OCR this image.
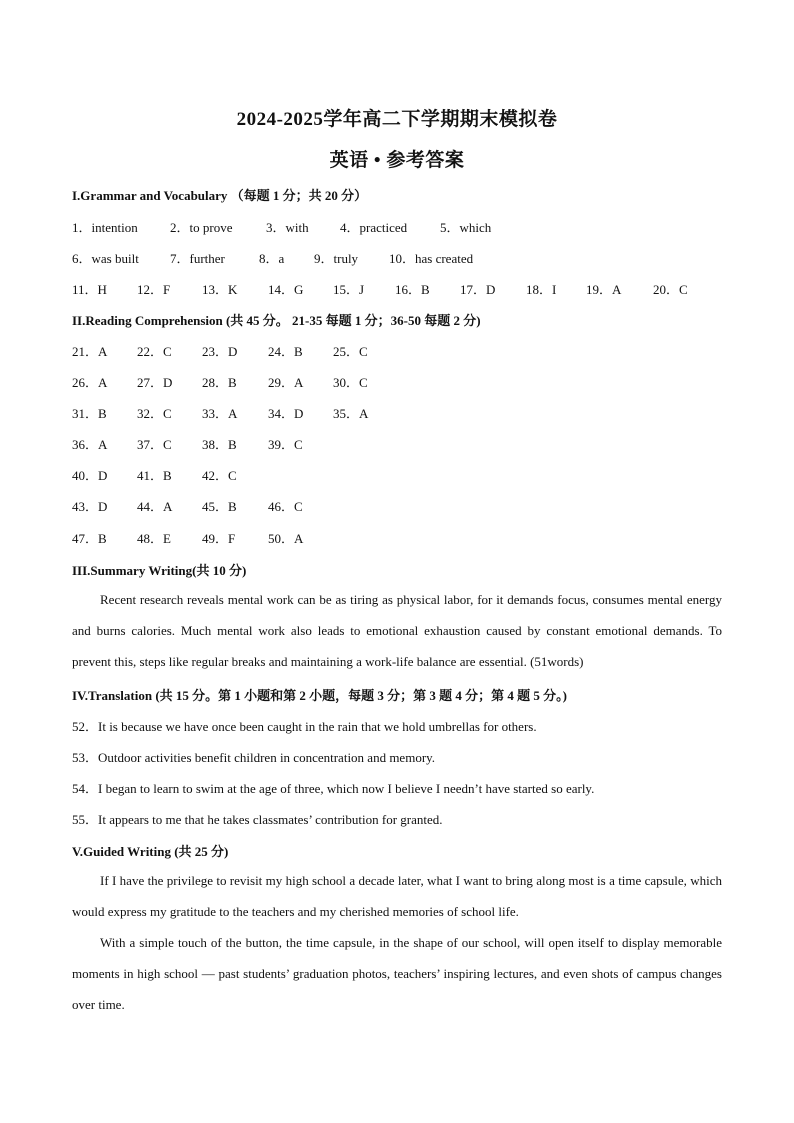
2024-2025学年高二下学期期末模拟卷
英语 • 参考答案
I.Grammar and Vocabulary （每题 1 分；共 20 分）
1．intention 2．to prove	3．with 4．practiced	5．which
6．was built 7．further	8．a 9．truly 10．has created
11．H 12．F 13．K 14．G 15．J 16．B 17．D 18．I 19．A 20．C
II.Reading Comprehension (共 45 分。 21-35 每题 1 分；36-50 每题 2 分)
21．A 22．C 23．D 24．B 25．C
26．A 27．D 28．B 29．A 30．C
31．B 32．C 33．A 34．D 35．A
36．A 37．C 38．B 39．C
40．D 41．B 42．C
43．D 44．A 45．B 46．C
47．B 48．E 49．F	50．A
III.Summary Writing(共 10 分)
Recent research reveals mental work can be as tiring as physical labor, for it demands focus, consumes mental energy and burns calories. Much mental work also leads to emotional exhaustion caused by constant emotional demands. To prevent this, steps like regular breaks and maintaining a work-life balance are essential. (51words)
IV.Translation (共 15 分。第 1 小题和第 2 小题，每题 3 分；第 3 题 4 分；第 4 题 5 分。)
52．It is because we have once been caught in the rain that we hold umbrellas for others.
53．Outdoor activities benefit children in concentration and memory.
54．I began to learn to swim at the age of three, which now I believe I needn’t have started so early.
55．It appears to me that he takes classmates’ contribution for granted.
V.Guided Writing (共 25 分)
If I have the privilege to revisit my high school a decade later, what I want to bring along most is a time capsule, which would express my gratitude to the teachers and my cherished memories of school life.
With a simple touch of the button, the time capsule, in the shape of our school, will open itself to display memorable moments in high school — past students’ graduation photos, teachers’ inspiring lectures, and even shots of campus changes over time.
